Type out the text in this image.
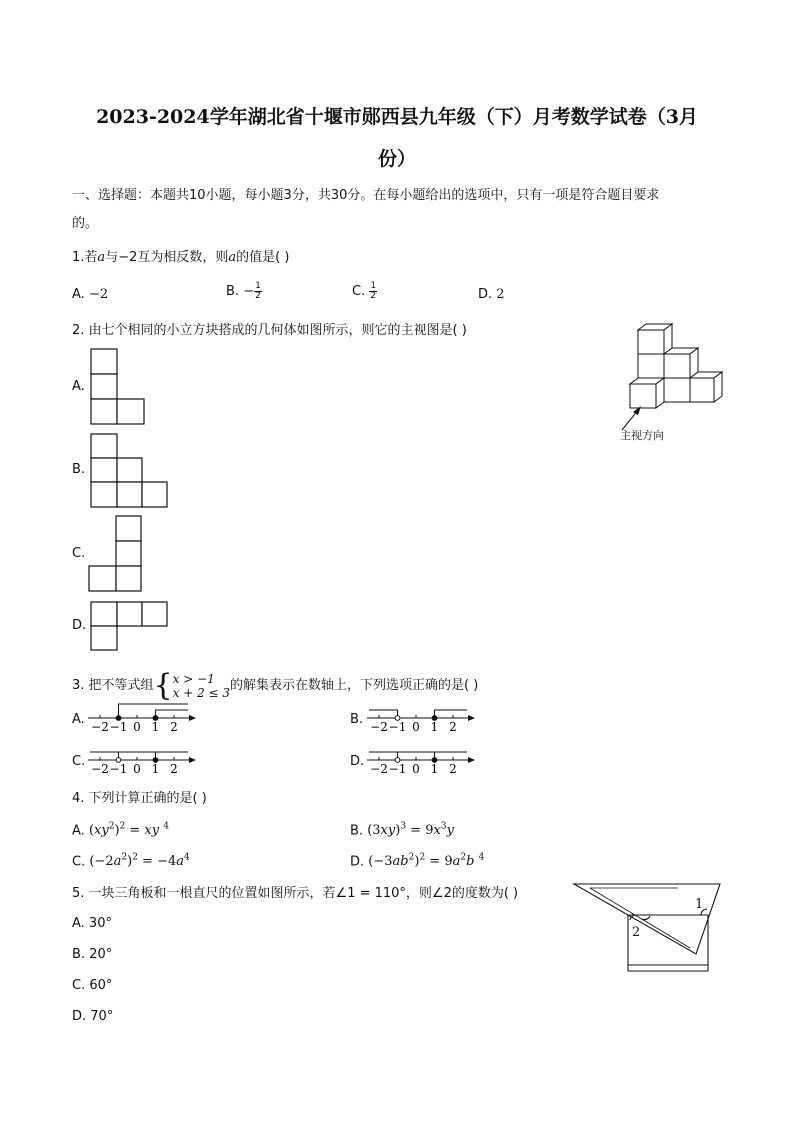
2023-2024学年湖北省十堰市郧西县九年级（下）月考数学试卷（3月
份）
一、选择题：本题共10小题，每小题3分，共30分。在每小题给出的选项中，只有一项是符合题目要求
的。
1.若a与−2互为相反数，则a的值是( )
A. −2	B. − $\frac{1}{2}$	C. $\frac{1}{2}$	D. 2
2. 由七个相同的小立方块搭成的几何体如图所示，则它的主视图是( )
A.
B.
C.
D.
主视方向
3. 把不等式组{ x > −1
x + 2 ≤ 3 的解集表示在数轴上，下列选项正确的是( )
A. −2 −1 0 1 2	B. −2 −1 0 1 2
C. −2 −1 0 1 2	D. −2 −1 0 1 2
4. 下列计算正确的是( )
A. $(xy^2)^2$ = xy $^4$	B. $(3xy)^3 = 9x^3y$
C. $(-2a^2)^2 = -4a^4$	D. $(-3ab^2)^2 = 9a^2b$ $^4$
5. 一块三角板和一根直尺的位置如图所示，若∠1 = 110°，则∠2的度数为( )
A. 30°
B. 20°
C. 60°
D. 70°
1
2
